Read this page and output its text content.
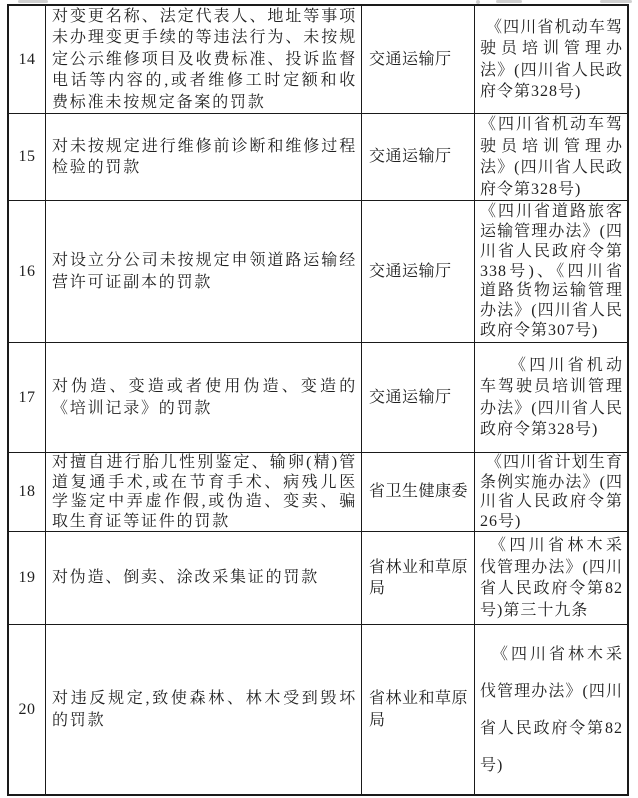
14
对变更名称、法定代表人、地址等事项未办理变更手续的等违法行为、未按规定公示维修项目及收费标准、投诉监督电话等内容的,或者维修工时定额和收费标准未按规定备案的罚款
交通运输厅
《四川省机动车驾驶员培训管理办法》(四川省人民政府令第328号)
15
对未按规定进行维修前诊断和维修过程检验的罚款
交通运输厅
《四川省机动车驾驶员培训管理办法》(四川省人民政府令第328号)
16
对设立分公司未按规定申领道路运输经营许可证副本的罚款
交通运输厅
《四川省道路旅客运输管理办法》(四川省人民政府令第338号)、《四川省道路货物运输管理办法》(四川省人民政府令第307号)
17
对伪造、变造或者使用伪造、变造的《培训记录》的罚款
交通运输厅
《四川省机动车驾驶员培训管理办法》(四川省人民政府令第328号)
18
对擅自进行胎儿性别鉴定、输卵(精)管道复通手术,或在节育手术、病残儿医学鉴定中弄虚作假,或伪造、变卖、骗取生育证等证件的罚款
省卫生健康委
《四川省计划生育条例实施办法》(四川省人民政府令第26号)
19	对伪造、倒卖、涂改采集证的罚款
省林业和草原局
《四川省林木采伐管理办法》(四川省人民政府令第82号)第三十九条
20
对违反规定,致使森林、林木受到毁坏的罚款
省林业和草原局
《四川省林木采伐管理办法》(四川省人民政府令第82号)
